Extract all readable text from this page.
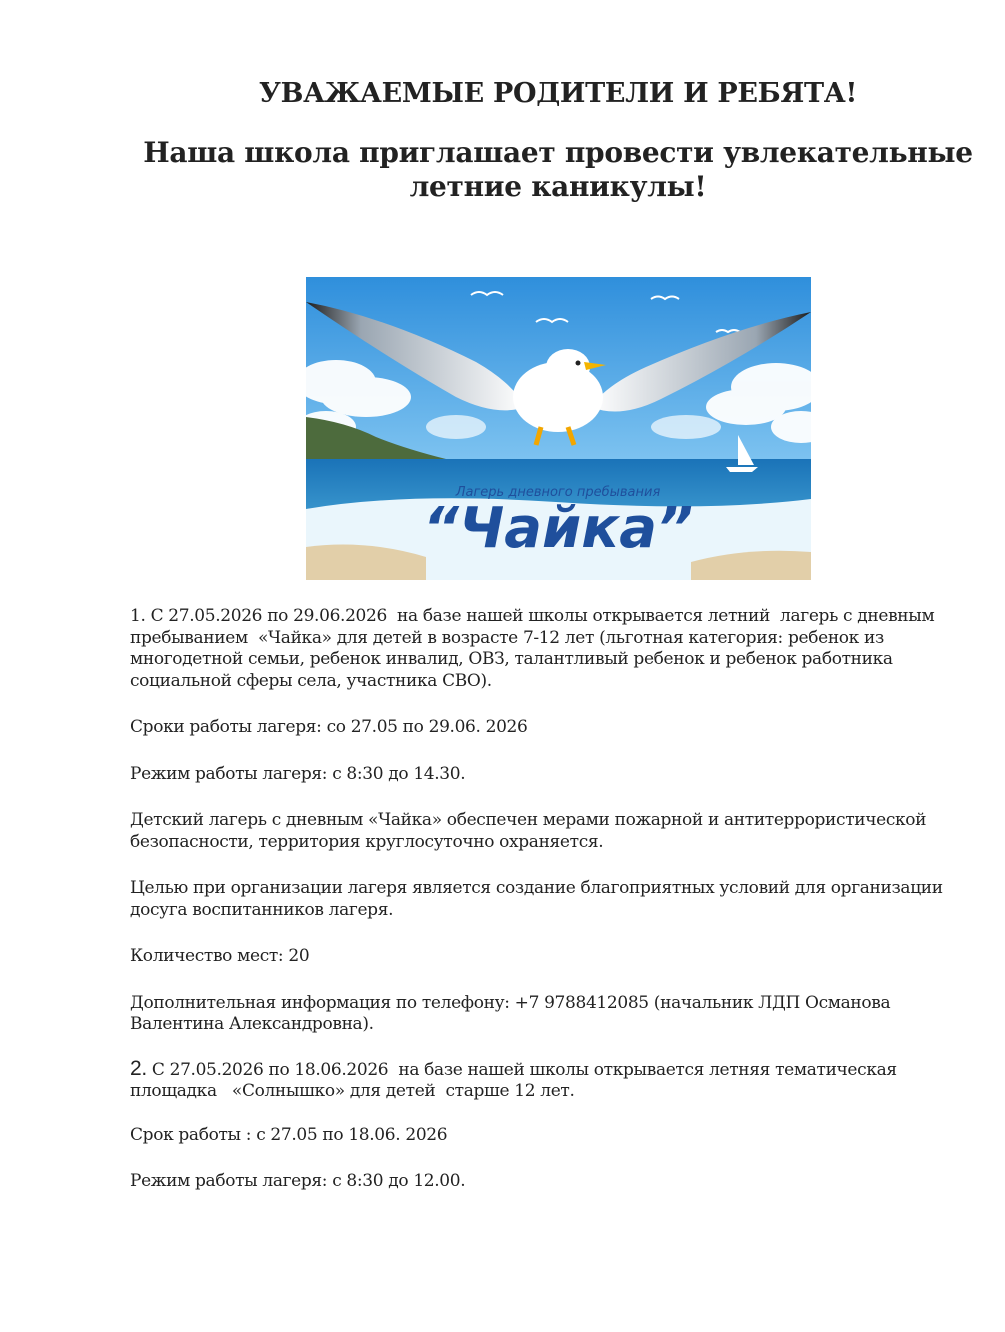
УВАЖАЕМЫЕ РОДИТЕЛИ И РЕБЯТА!
Наша школа приглашает провести увлекательные летние каникулы!
Лагерь дневного пребывания
“Чайка”

1. С 27.05.2026 по 29.06.2026  на базе нашей школы открывается летний  лагерь с дневным пребыванием  «Чайка» для детей в возрасте 7-12 лет (льготная категория: ребенок из многодетной семьи, ребенок инвалид, ОВЗ, талантливый ребенок и ребенок работника социальной сферы села, участника СВО).

Сроки работы лагеря: со 27.05 по 29.06. 2026

Режим работы лагеря: с 8:30 до 14.30.

Детский лагерь с дневным «Чайка» обеспечен мерами пожарной и антитеррористической безопасности, территория круглосуточно охраняется.

Целью при организации лагеря является создание благоприятных условий для организации досуга воспитанников лагеря.

Количество мест: 20

Дополнительная информация по телефону: +7 9788412085 (начальник ЛДП Османова Валентина Александровна).

2. С 27.05.2026 по 18.06.2026  на базе нашей школы открывается летняя тематическая площадка   «Солнышко» для детей  старше 12 лет.

Срок работы : с 27.05 по 18.06. 2026

Режим работы лагеря: с 8:30 до 12.00.
